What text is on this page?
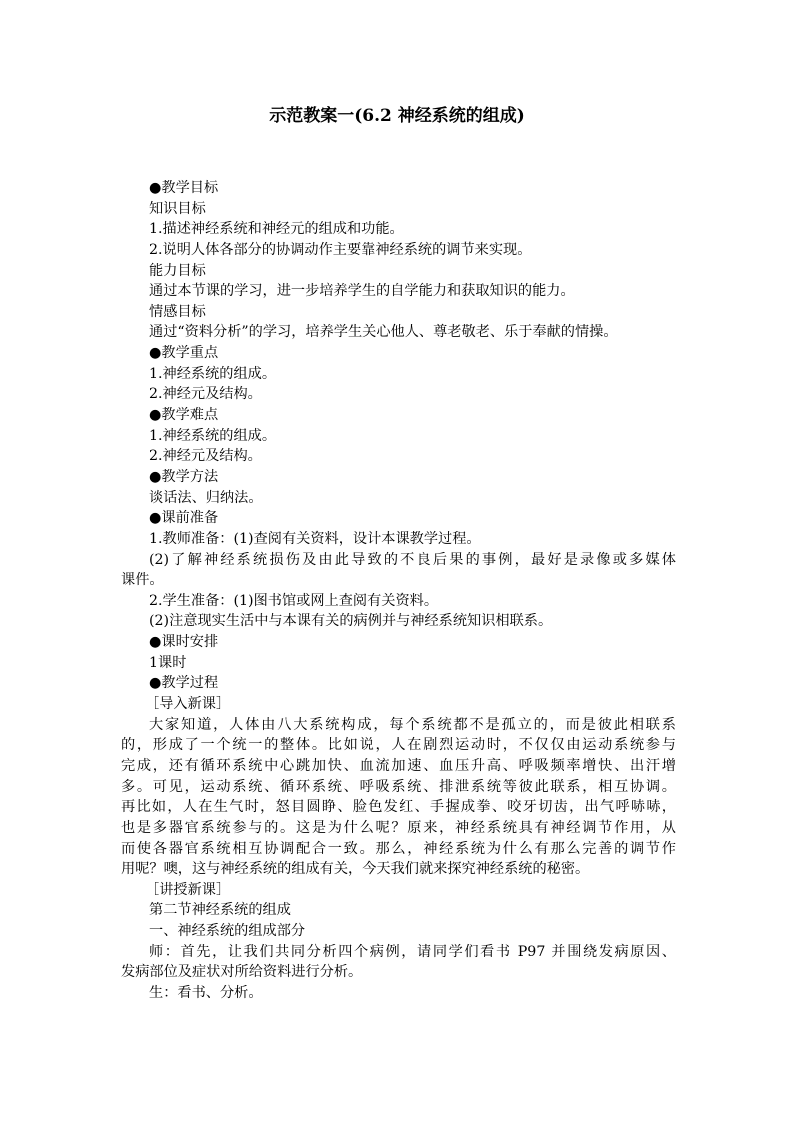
示范教案一(6.2 神经系统的组成)
●教学目标
知识目标
1.描述神经系统和神经元的组成和功能。
2.说明人体各部分的协调动作主要靠神经系统的调节来实现。
能力目标
通过本节课的学习，进一步培养学生的自学能力和获取知识的能力。
情感目标
通过“资料分析”的学习，培养学生关心他人、尊老敬老、乐于奉献的情操。
●教学重点
1.神经系统的组成。
2.神经元及结构。
●教学难点
1.神经系统的组成。
2.神经元及结构。
●教学方法
谈话法、归纳法。
●课前准备
1.教师准备：(1)查阅有关资料，设计本课教学过程。
(2)了解神经系统损伤及由此导致的不良后果的事例，最好是录像或多媒体
课件。
2.学生准备：(1)图书馆或网上查阅有关资料。
(2)注意现实生活中与本课有关的病例并与神经系统知识相联系。
●课时安排
1课时
●教学过程
［导入新课］
大家知道，人体由八大系统构成，每个系统都不是孤立的，而是彼此相联系
的，形成了一个统一的整体。比如说，人在剧烈运动时，不仅仅由运动系统参与
完成，还有循环系统中心跳加快、血流加速、血压升高、呼吸频率增快、出汗增
多。可见，运动系统、循环系统、呼吸系统、排泄系统等彼此联系，相互协调。
再比如，人在生气时，怒目圆睁、脸色发红、手握成拳、咬牙切齿，出气呼哧哧，
也是多器官系统参与的。这是为什么呢？原来，神经系统具有神经调节作用，从
而使各器官系统相互协调配合一致。那么，神经系统为什么有那么完善的调节作
用呢？噢，这与神经系统的组成有关，今天我们就来探究神经系统的秘密。
［讲授新课］
第二节神经系统的组成
一、神经系统的组成部分
师：首先，让我们共同分析四个病例，请同学们看书 P97 并围绕发病原因、
发病部位及症状对所给资料进行分析。
生：看书、分析。
